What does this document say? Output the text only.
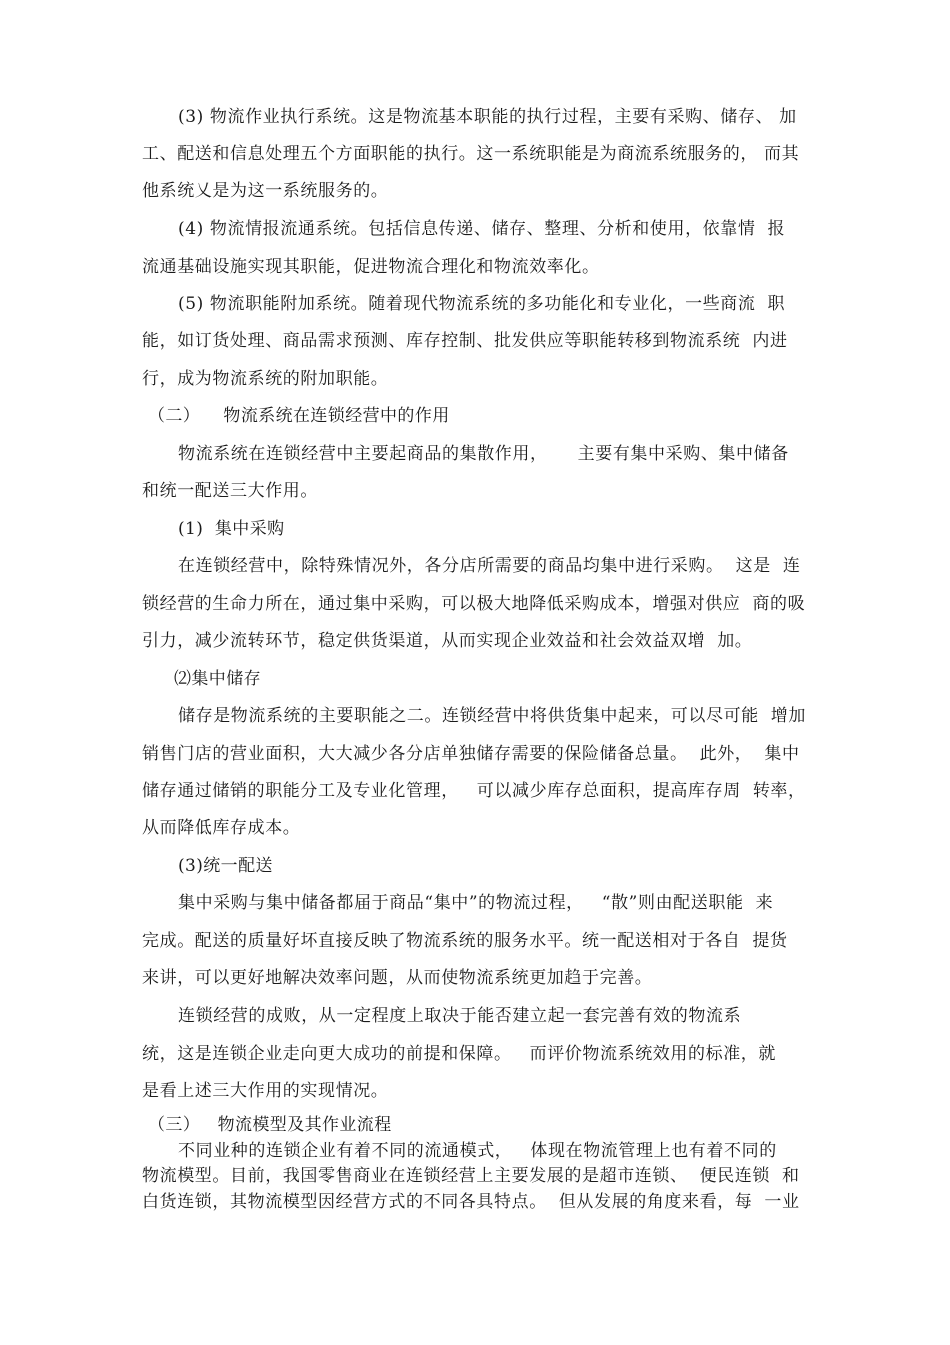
(3) 物流作业执行系统。这是物流基本职能的执行过程，主要有采购、储存、 加
工、配送和信息处理五个方面职能的执行。这一系统职能是为商流系统服务的， 而其
他系统乂是为这一系统服务的。
(4) 物流情报流通系统。包括信息传递、储存、整理、分析和使用，依靠情  报
流通基础设施实现其职能，促进物流合理化和物流效率化。
(5) 物流职能附加系统。随着现代物流系统的多功能化和专业化，一些商流  职
能，如订货处理、商品需求预测、库存控制、批发供应等职能转移到物流系统  内进
行，成为物流系统的附加职能。
（二）    物流系统在连锁经营中的作用
物流系统在连锁经营中主要起商品的集散作用，     主要有集中采购、集中储备
和统一配送三大作用。
(1)  集中采购
在连锁经营中，除特殊情况外，各分店所需要的商品均集中进行采购。  这是  连
锁经营的生命力所在，通过集中采购，可以极大地降低采购成本，增强对供应  商的吸
引力，减少流转环节，稳定供货渠道，从而实现企业效益和社会效益双增  加。
⑵集中储存
储存是物流系统的主要职能之二。连锁经营中将供货集中起来，可以尽可能  增加
销售门店的营业面积，大大减少各分店单独储存需要的保险储备总量。  此外，  集中
储存通过储销的职能分工及专业化管理，   可以减少库存总面积，提高库存周  转率，
从而降低库存成本。
(3)统一配送
集中采购与集中储备都届于商品“集中”的物流过程，   “散”则由配送职能  来
完成。配送的质量好坏直接反映了物流系统的服务水平。统一配送相对于各自  提货
来讲，可以更好地解决效率问题，从而使物流系统更加趋于完善。
连锁经营的成败，从一定程度上取决于能否建立起一套完善有效的物流系
统，这是连锁企业走向更大成功的前提和保障。   而评价物流系统效用的标准，就
是看上述三大作用的实现情况。
（三）   物流模型及其作业流程
不同业种的连锁企业有着不同的流通模式，   体现在物流管理上也有着不同的
物流模型。目前，我国零售商业在连锁经营上主要发展的是超市连锁、  便民连锁  和
白货连锁，其物流模型因经营方式的不同各具特点。  但从发展的角度来看，每  一业
